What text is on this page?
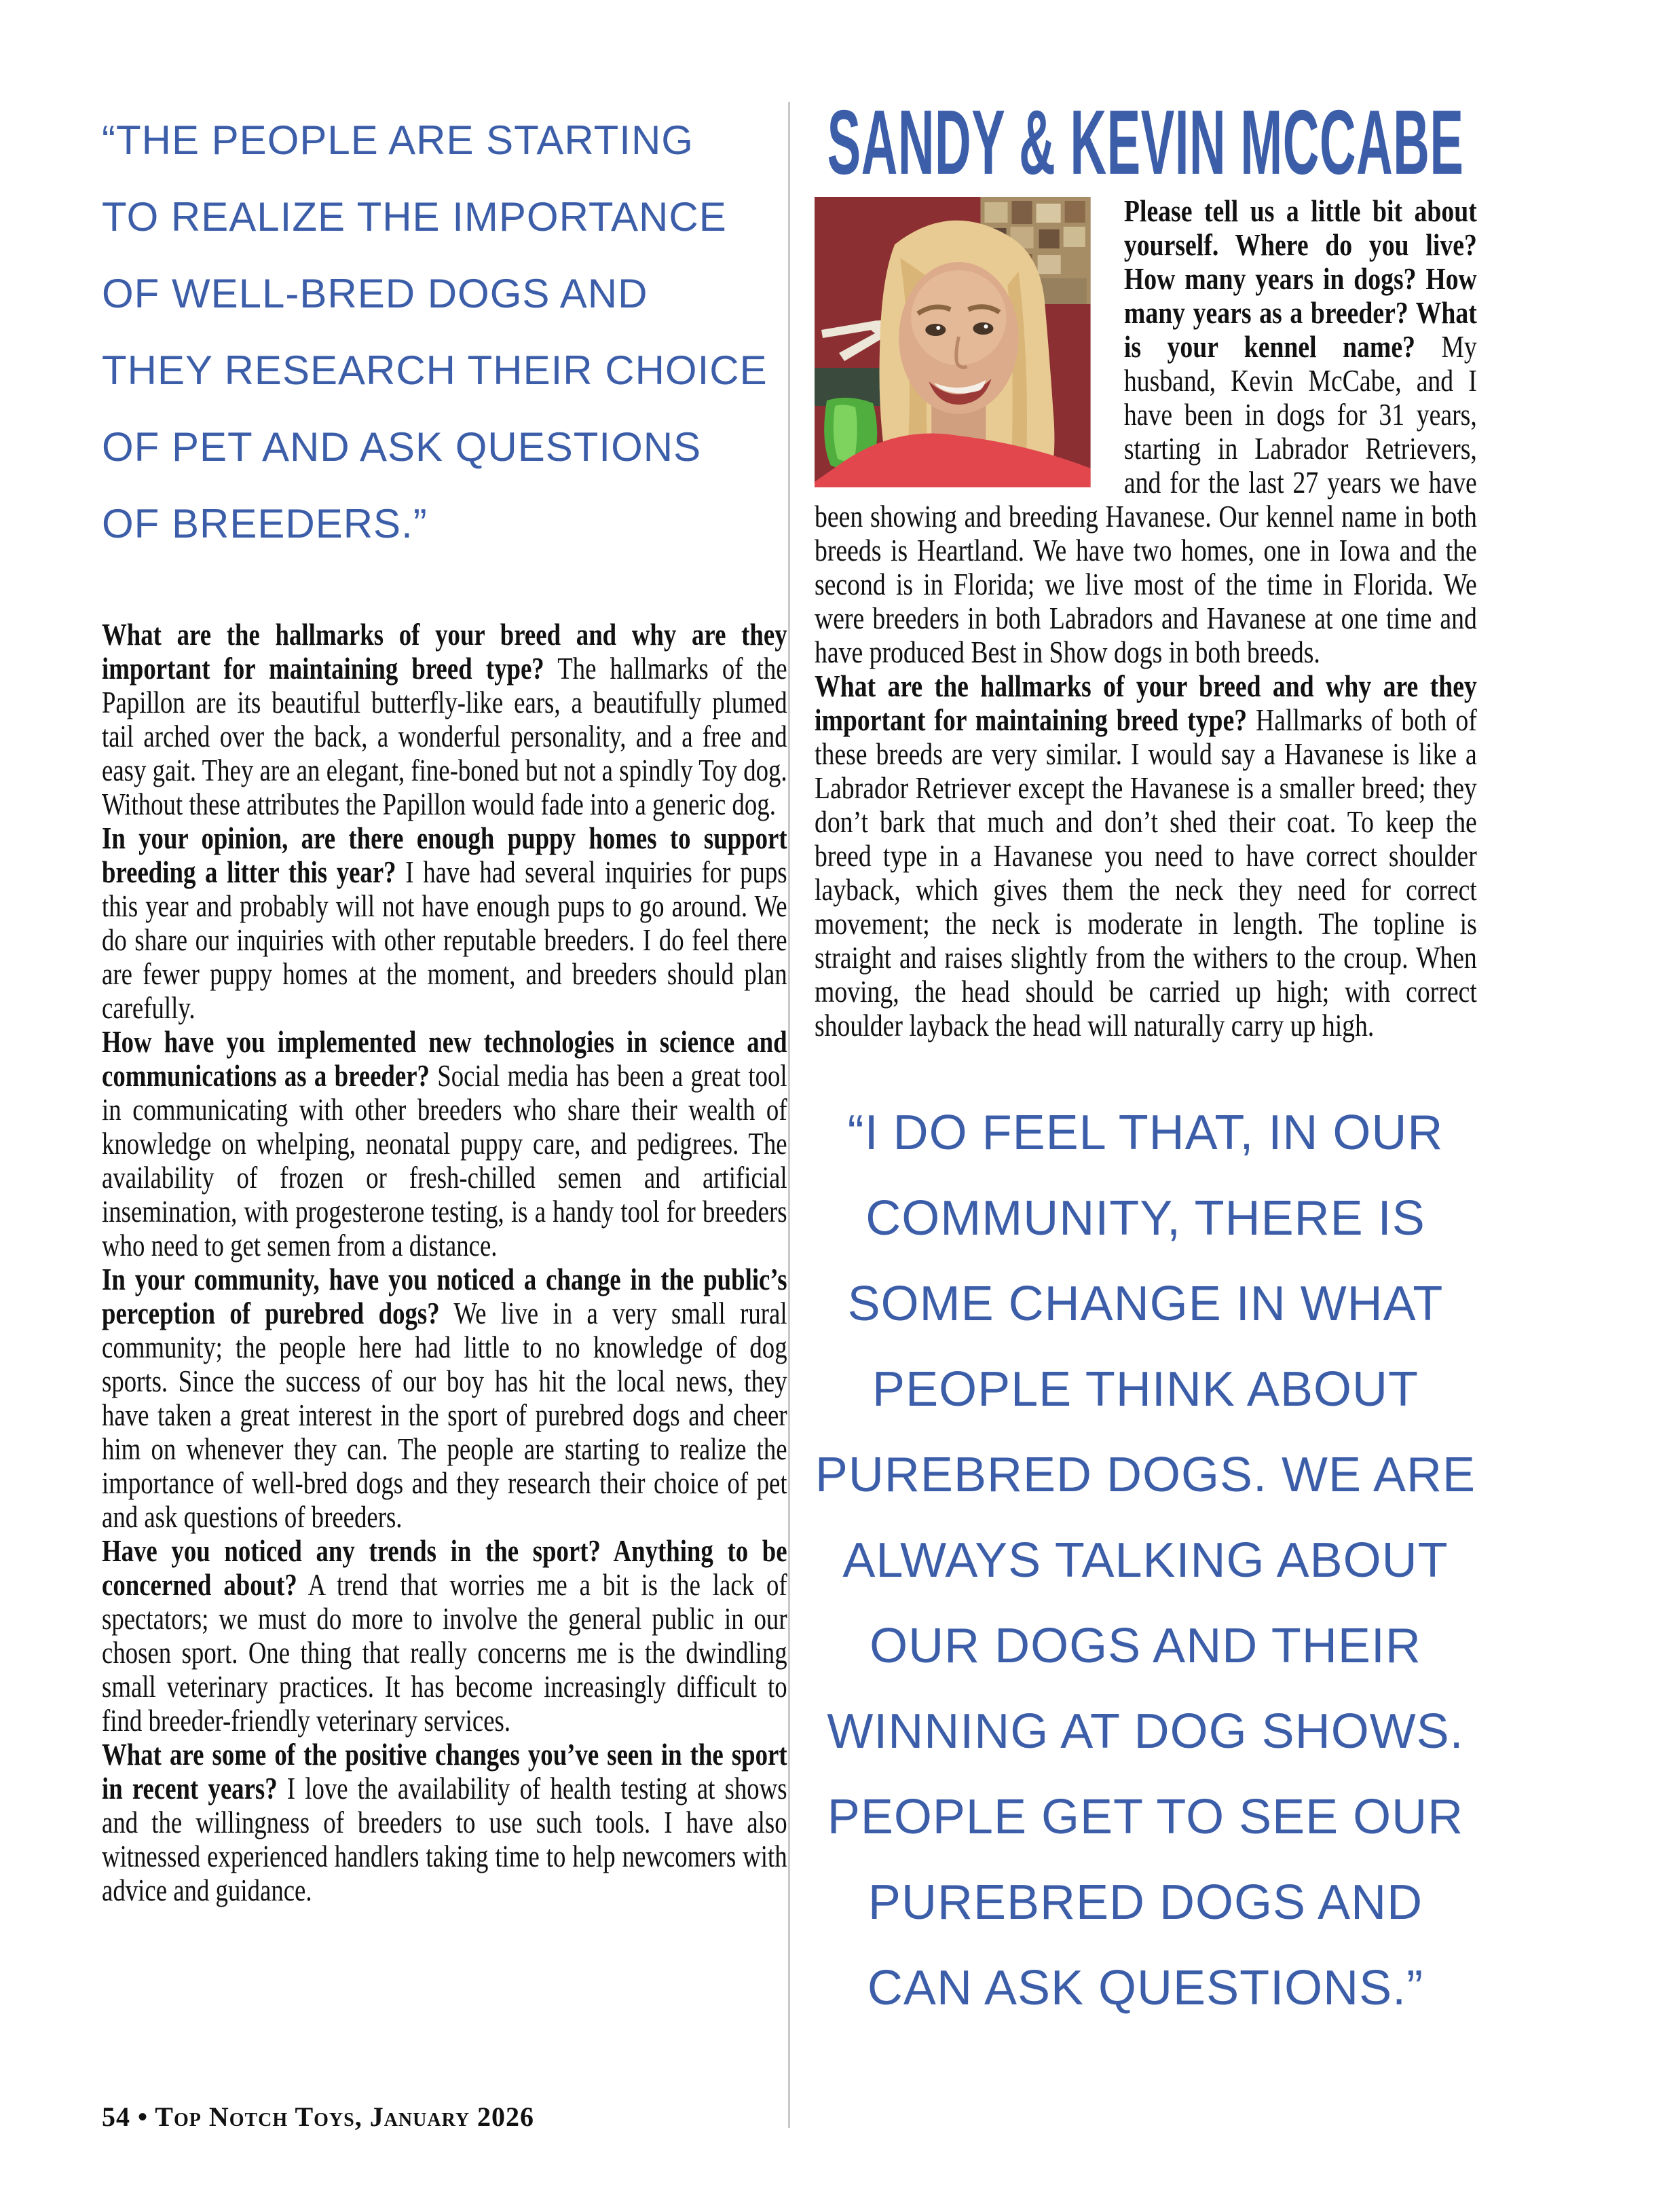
“THE PEOPLE ARE STARTING
TO REALIZE THE IMPORTANCE
OF WELL-BRED DOGS AND
THEY RESEARCH THEIR CHOICE
OF PET AND ASK QUESTIONS
OF BREEDERS.”

What are the hallmarks of your breed and why are they important for maintaining breed type? The hallmarks of the Papillon are its beautiful butterfly-like ears, a beautifully plumed tail arched over the back, a wonderful personality, and a free and easy gait. They are an elegant, fine-boned but not a spindly Toy dog. Without these attributes the Papillon would fade into a generic dog.

In your opinion, are there enough puppy homes to support breeding a litter this year? I have had several inquiries for pups this year and probably will not have enough pups to go around. We do share our inquiries with other reputable breeders. I do feel there are fewer puppy homes at the moment, and breeders should plan carefully.

How have you implemented new technologies in science and communications as a breeder? Social media has been a great tool in communicating with other breeders who share their wealth of knowledge on whelping, neonatal puppy care, and pedigrees. The availability of frozen or fresh-chilled semen and artificial insemination, with progesterone testing, is a handy tool for breeders who need to get semen from a distance.

In your community, have you noticed a change in the public’s perception of purebred dogs? We live in a very small rural community; the people here had little to no knowledge of dog sports. Since the success of our boy has hit the local news, they have taken a great interest in the sport of purebred dogs and cheer him on whenever they can. The people are starting to realize the importance of well-bred dogs and they research their choice of pet and ask questions of breeders.

Have you noticed any trends in the sport? Anything to be concerned about? A trend that worries me a bit is the lack of spectators; we must do more to involve the general public in our chosen sport. One thing that really concerns me is the dwindling small veterinary practices. It has become increasingly difficult to find breeder-friendly veterinary services.

What are some of the positive changes you’ve seen in the sport in recent years? I love the availability of health testing at shows and the willingness of breeders to use such tools. I have also witnessed experienced handlers taking time to help newcomers with advice and guidance.

SANDY & KEVIN MCCABE

Please tell us a little bit about yourself. Where do you live? How many years in dogs? How many years as a breeder? What is your kennel name? My husband, Kevin McCabe, and I have been in dogs for 31 years, starting in Labrador Retrievers, and for the last 27 years we have been showing and breeding Havanese. Our kennel name in both breeds is Heartland. We have two homes, one in Iowa and the second is in Florida; we live most of the time in Florida. We were breeders in both Labradors and Havanese at one time and have produced Best in Show dogs in both breeds.

What are the hallmarks of your breed and why are they important for maintaining breed type? Hallmarks of both of these breeds are very similar. I would say a Havanese is like a Labrador Retriever except the Havanese is a smaller breed; they don’t bark that much and don’t shed their coat. To keep the breed type in a Havanese you need to have correct shoulder layback, which gives them the neck they need for correct movement; the neck is moderate in length. The topline is straight and raises slightly from the withers to the croup. When moving, the head should be carried up high; with correct shoulder layback the head will naturally carry up high.

“I DO FEEL THAT, IN OUR
COMMUNITY, THERE IS
SOME CHANGE IN WHAT
PEOPLE THINK ABOUT
PUREBRED DOGS. WE ARE
ALWAYS TALKING ABOUT
OUR DOGS AND THEIR
WINNING AT DOG SHOWS.
PEOPLE GET TO SEE OUR
PUREBRED DOGS AND
CAN ASK QUESTIONS.”
54 • Top Notch Toys, January 2026
